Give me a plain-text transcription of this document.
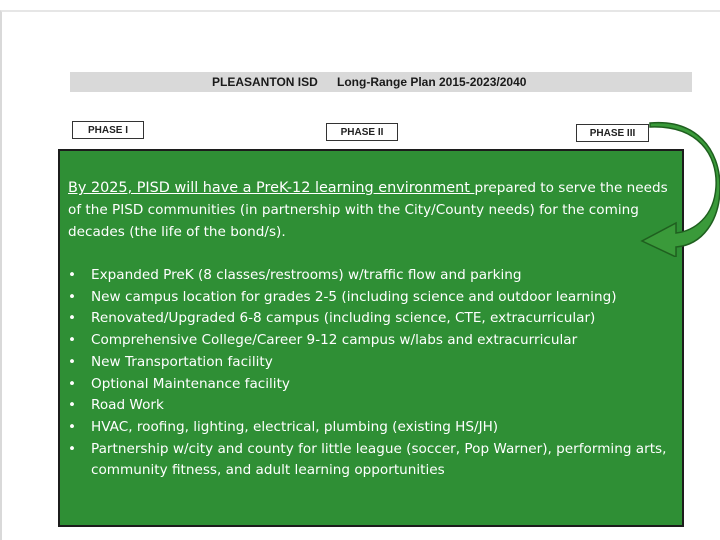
PLEASANTON ISD Long-Range Plan 2015-2023/2040
PHASE I	PHASE II	PHASE III
By 2025, PISD will have a PreK-12 learning environment prepared to serve the needs of the PISD communities (in partnership with the City/County needs) for the coming decades (the life of the bond/s).
• Expanded PreK (8 classes/restrooms) w/traffic flow and parking
• New campus location for grades 2-5 (including science and outdoor learning)
• Renovated/Upgraded 6-8 campus (including science, CTE, extracurricular)
• Comprehensive College/Career 9-12 campus w/labs and extracurricular
• New Transportation facility
• Optional Maintenance facility
• Road Work
• HVAC, roofing, lighting, electrical, plumbing (existing HS/JH)
• Partnership w/city and county for little league (soccer, Pop Warner), performing arts, community fitness, and adult learning opportunities
